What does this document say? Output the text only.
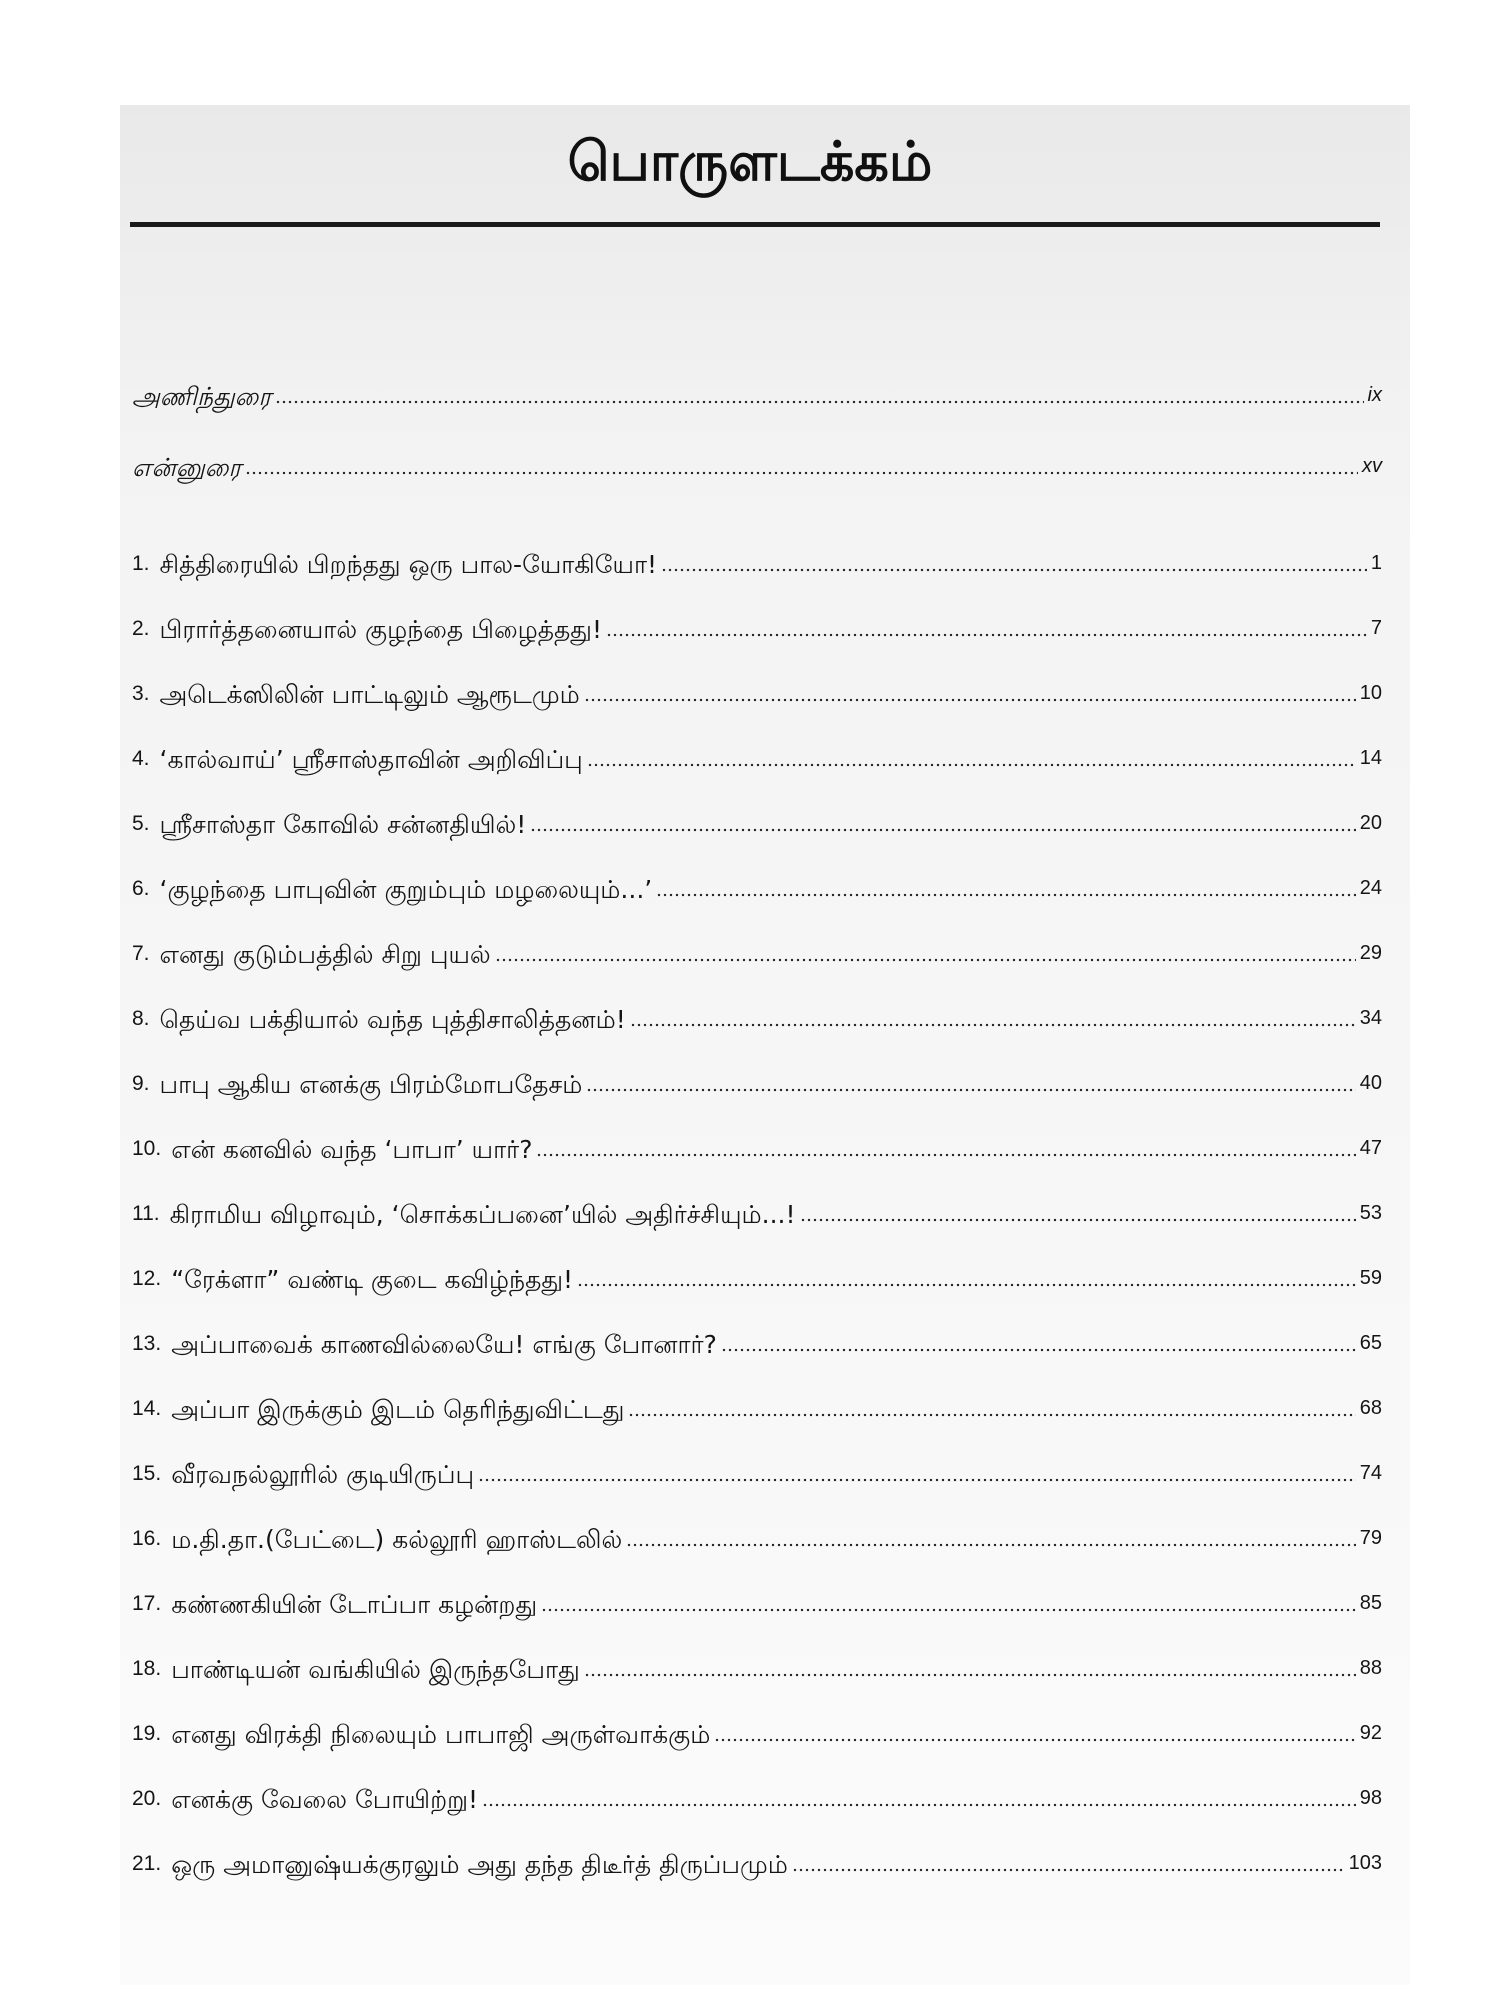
பொருளடக்கம்
அணிந்துரை	ix
என்னுரை	xv
1. சித்திரையில் பிறந்தது ஒரு பால-யோகியோ!	1
2. பிரார்த்தனையால் குழந்தை பிழைத்தது!	7
3. அடெக்ஸிலின் பாட்டிலும் ஆரூடமும்	10
4. ‘கால்வாய்’ ஸ்ரீசாஸ்தாவின் அறிவிப்பு	14
5. ஸ்ரீசாஸ்தா கோவில் சன்னதியில்!	20
6. ‘குழந்தை பாபுவின் குறும்பும் மழலையும்...’	24
7. எனது குடும்பத்தில் சிறு புயல்	29
8. தெய்வ பக்தியால் வந்த புத்திசாலித்தனம்!	34
9. பாபு ஆகிய எனக்கு பிரம்மோபதேசம்	40
10. என் கனவில் வந்த ‘பாபா’ யார்?	47
11. கிராமிய விழாவும், ‘சொக்கப்பனை’யில் அதிர்ச்சியும்...!	53
12. “ரேக்ளா” வண்டி குடை கவிழ்ந்தது!	59
13. அப்பாவைக் காணவில்லையே! எங்கு போனார்?	65
14. அப்பா இருக்கும் இடம் தெரிந்துவிட்டது	68
15. வீரவநல்லூரில் குடியிருப்பு	74
16. ம.தி.தா.(பேட்டை) கல்லூரி ஹாஸ்டலில்	79
17. கண்ணகியின் டோப்பா கழன்றது	85
18. பாண்டியன் வங்கியில் இருந்தபோது	88
19. எனது விரக்தி நிலையும் பாபாஜி அருள்வாக்கும்	92
20. எனக்கு வேலை போயிற்று!	98
21. ஒரு அமானுஷ்யக்குரலும் அது தந்த திடீர்த் திருப்பமும்	103
